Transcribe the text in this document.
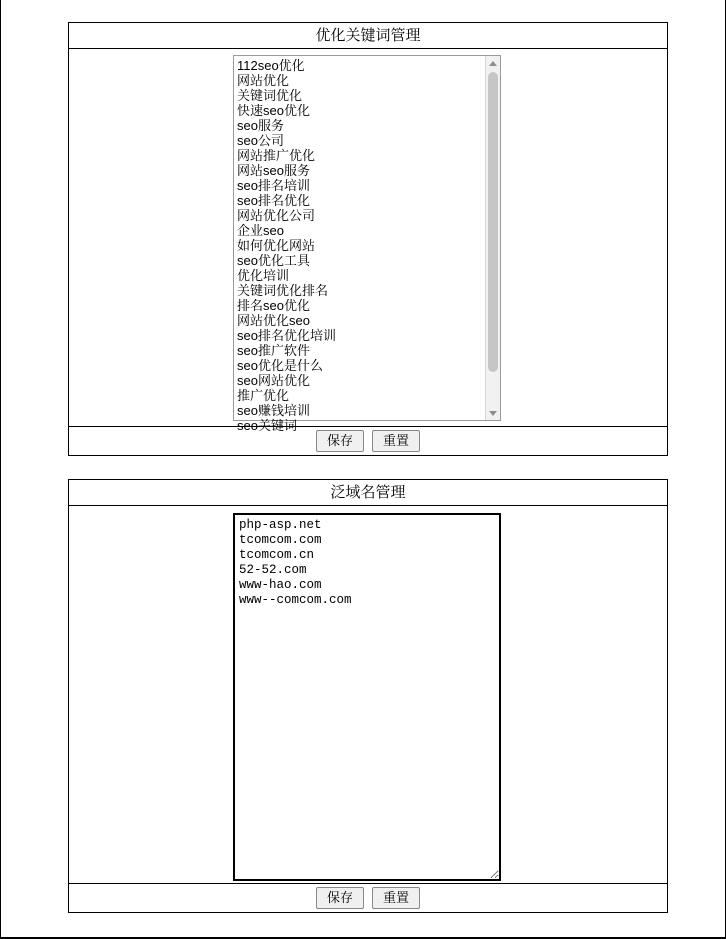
优化关键词管理
112seo优化
网站优化
关键词优化
快速seo优化
seo服务
seo公司
网站推广优化
网站seo服务
seo排名培训
seo排名优化
网站优化公司
企业seo
如何优化网站
seo优化工具
优化培训
关键词优化排名
排名seo优化
网站优化seo
seo排名优化培训
seo推广软件
seo优化是什么
seo网站优化
推广优化
seo赚钱培训
seo关键词
保存	重置
泛域名管理
php-asp.net tcomcom.com tcomcom.cn 52-52.com www-hao.com www--comcom.com
保存	重置
